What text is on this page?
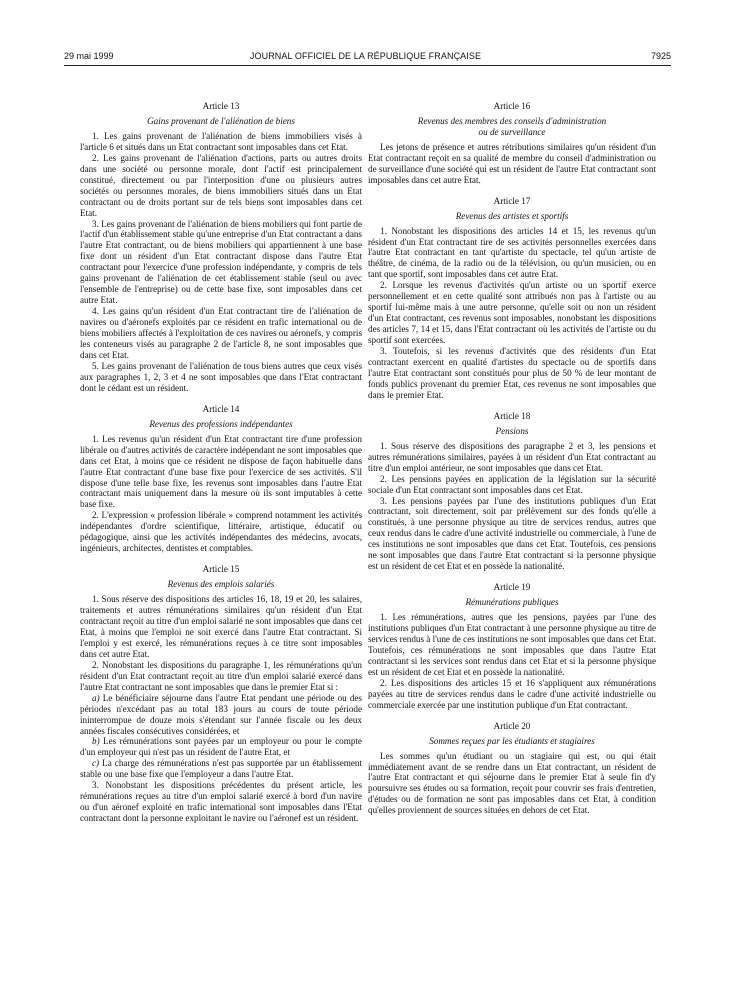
29 mai 1999	JOURNAL OFFICIEL DE LA RÉPUBLIQUE FRANÇAISE	7925

Article 13

Gains provenant de l'aliénation de biens

1. Les gains provenant de l'aliénation de biens immobiliers visés à l'article 6 et situés dans un Etat contractant sont imposables dans cet Etat.

2. Les gains provenant de l'aliénation d'actions, parts ou autres droits dans une société ou personne morale, dont l'actif est principalement constitué, directement ou par l'interposition d'une ou plusieurs autres sociétés ou personnes morales, de biens immobiliers situés dans un Etat contractant ou de droits portant sur de tels biens sont imposables dans cet Etat.

3. Les gains provenant de l'aliénation de biens mobiliers qui font partie de l'actif d'un établissement stable qu'une entreprise d'un Etat contractant a dans l'autre Etat contractant, ou de biens mobiliers qui appartiennent à une base fixe dont un résident d'un Etat contractant dispose dans l'autre Etat contractant pour l'exercice d'une profession indépendante, y compris de tels gains provenant de l'aliénation de cet établissement stable (seul ou avec l'ensemble de l'entreprise) ou de cette base fixe, sont imposables dans cet autre Etat.

4. Les gains qu'un résident d'un Etat contractant tire de l'aliénation de navires ou d'aéronefs exploités par ce résident en trafic international ou de biens mobiliers affectés à l'exploitation de ces navires ou aéronefs, y compris les conteneurs visés au paragraphe 2 de l'article 8, ne sont imposables que dans cet Etat.

5. Les gains provenant de l'aliénation de tous biens autres que ceux visés aux paragraphes 1, 2, 3 et 4 ne sont imposables que dans l'Etat contractant dont le cédant est un résident.

Article 14

Revenus des professions indépendantes

1. Les revenus qu'un résident d'un Etat contractant tire d'une profession libérale ou d'autres activités de caractère indépendant ne sont imposables que dans cet Etat, à moins que ce résident ne dispose de façon habituelle dans l'autre Etat contractant d'une base fixe pour l'exercice de ses activités. S'il dispose d'une telle base fixe, les revenus sont imposables dans l'autre Etat contractant mais uniquement dans la mesure où ils sont imputables à cette base fixe.

2. L'expression « profession libérale » comprend notamment les activités indépendantes d'ordre scientifique, littéraire, artistique, éducatif ou pédagogique, ainsi que les activités indépendantes des médecins, avocats, ingénieurs, architectes, dentistes et comptables.

Article 15

Revenus des emplois salariés

1. Sous réserve des dispositions des articles 16, 18, 19 et 20, les salaires, traitements et autres rémunérations similaires qu'un résident d'un Etat contractant reçoit au titre d'un emploi salarié ne sont imposables que dans cet Etat, à moins que l'emploi ne soit exercé dans l'autre Etat contractant. Si l'emploi y est exercé, les rémunérations reçues à ce titre sont imposables dans cet autre Etat.

2. Nonobstant les dispositions du paragraphe 1, les rémunérations qu'un résident d'un Etat contractant reçoit au titre d'un emploi salarié exercé dans l'autre Etat contractant ne sont imposables que dans le premier Etat si :

a) Le bénéficiaire séjourne dans l'autre Etat pendant une période ou des périodes n'excédant pas au total 183 jours au cours de toute période ininterrompue de douze mois s'étendant sur l'année fiscale ou les deux années fiscales consécutives considérées, et

b) Les rémunérations sont payées par un employeur ou pour le compte d'un employeur qui n'est pas un résident de l'autre Etat, et

c) La charge des rémunérations n'est pas supportée par un établissement stable ou une base fixe que l'employeur a dans l'autre Etat.

3. Nonobstant les dispositions précédentes du présent article, les rémunérations reçues au titre d'un emploi salarié exercé à bord d'un navire ou d'un aéronef exploité en trafic international sont imposables dans l'Etat contractant dont la personne exploitant le navire ou l'aéronef est un résident.

Article 16

Revenus des membres des conseils d'administration
ou de surveillance

Les jetons de présence et autres rétributions similaires qu'un résident d'un Etat contractant reçoit en sa qualité de membre du conseil d'administration ou de surveillance d'une société qui est un résident de l'autre Etat contractant sont imposables dans cet autre Etat.

Article 17

Revenus des artistes et sportifs

1. Nonobstant les dispositions des articles 14 et 15, les revenus qu'un résident d'un Etat contractant tire de ses activités personnelles exercées dans l'autre Etat contractant en tant qu'artiste du spectacle, tel qu'un artiste de théâtre, de cinéma, de la radio ou de la télévision, ou qu'un musicien, ou en tant que sportif, sont imposables dans cet autre Etat.

2. Lorsque les revenus d'activités qu'un artiste ou un sportif exerce personnellement et en cette qualité sont attribués non pas à l'artiste ou au sportif lui-même mais à une autre personne, qu'elle soit ou non un résident d'un Etat contractant, ces revenus sont imposables, nonobstant les dispositions des articles 7, 14 et 15, dans l'Etat contractant où les activités de l'artiste ou du sportif sont exercées.

3. Toutefois, si les revenus d'activités que des résidents d'un Etat contractant exercent en qualité d'artistes du spectacle ou de sportifs dans l'autre Etat contractant sont constitués pour plus de 50 % de leur montant de fonds publics provenant du premier Etat, ces revenus ne sont imposables que dans le premier Etat.

Article 18

Pensions

1. Sous réserve des dispositions des paragraphe 2 et 3, les pensions et autres rémunérations similaires, payées à un résident d'un Etat contractant au titre d'un emploi antérieur, ne sont imposables que dans cet Etat.

2. Les pensions payées en application de la législation sur la sécurité sociale d'un Etat contractant sont imposables dans cet Etat.

3. Les pensions payées par l'une des institutions publiques d'un Etat contractant, soit directement, soit par prélèvement sur des fonds qu'elle a constitués, à une personne physique au titre de services rendus, autres que ceux rendus dans le cadre d'une activité industrielle ou commerciale, à l'une de ces institutions ne sont imposables que dans cet Etat. Toutefois, ces pensions ne sont imposables que dans l'autre Etat contractant si la personne physique est un résident de cet Etat et en possède la nationalité.

Article 19

Rémunérations publiques

1. Les rémunérations, autres que les pensions, payées par l'une des institutions publiques d'un Etat contractant à une personne physique au titre de services rendus à l'une de ces institutions ne sont imposables que dans cet Etat. Toutefois, ces rémunérations ne sont imposables que dans l'autre Etat contractant si les services sont rendus dans cet Etat et si la personne physique est un résident de cet Etat et en possède la nationalité.

2. Les dispositions des articles 15 et 16 s'appliquent aux rémunérations payées au titre de services rendus dans le cadre d'une activité industrielle ou commerciale exercée par une institution publique d'un Etat contractant.

Article 20

Sommes reçues par les étudiants et stagiaires

Les sommes qu'un étudiant ou un stagiaire qui est, ou qui était immédiatement avant de se rendre dans un Etat contractant, un résident de l'autre Etat contractant et qui séjourne dans le premier Etat à seule fin d'y poursuivre ses études ou sa formation, reçoit pour couvrir ses frais d'entretien, d'études ou de formation ne sont pas imposables dans cet Etat, à condition qu'elles proviennent de sources situées en dehors de cet Etat.
